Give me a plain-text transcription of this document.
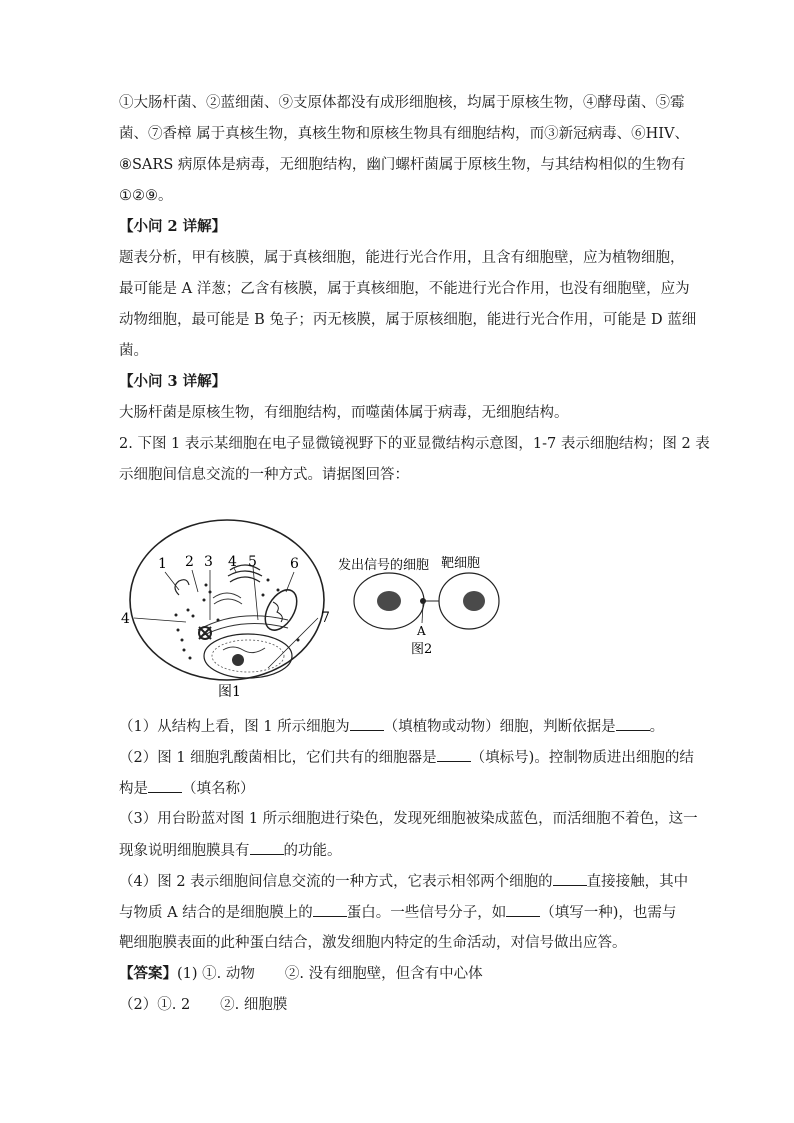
①大肠杆菌、②蓝细菌、⑨支原体都没有成形细胞核，均属于原核生物，④酵母菌、⑤霉
菌、⑦香樟 属于真核生物，真核生物和原核生物具有细胞结构，而③新冠病毒、⑥HIV、
⑧SARS 病原体是病毒，无细胞结构，幽门螺杆菌属于原核生物，与其结构相似的生物有
①②⑨。
【小问 2 详解】
题表分析，甲有核膜，属于真核细胞，能进行光合作用，且含有细胞壁，应为植物细胞，
最可能是 A 洋葱；乙含有核膜，属于真核细胞，不能进行光合作用，也没有细胞壁，应为
动物细胞，最可能是 B 兔子；丙无核膜，属于原核细胞，能进行光合作用，可能是 D 蓝细
菌。
【小问 3 详解】
大肠杆菌是原核生物，有细胞结构，而噬菌体属于病毒，无细胞结构。
2. 下图 1 表示某细胞在电子显微镜视野下的亚显微结构示意图，1-7 表示细胞结构；图 2 表
示细胞间信息交流的一种方式。请据图回答：
1 2 3 4 5 6
4	7
图1
发出信号的细胞 靶细胞
A
图2
（1）从结构上看，图 1 所示细胞为 （填植物或动物）细胞，判断依据是 。
（2）图 1 细胞乳酸菌相比，它们共有的细胞器是 （填标号)。控制物质进出细胞的结
构是 （填名称）
（3）用台盼蓝对图 1 所示细胞进行染色，发现死细胞被染成蓝色，而活细胞不着色，这一
现象说明细胞膜具有 的功能。
（4）图 2 表示细胞间信息交流的一种方式，它表示相邻两个细胞的 直接接触，其中
与物质 A 结合的是细胞膜上的 蛋白。一些信号分子，如 （填写一种)，也需与
靶细胞膜表面的此种蛋白结合，激发细胞内特定的生命活动，对信号做出应答。
【答案】(1) ①. 动物 ②. 没有细胞壁，但含有中心体
（2）①. 2 ②. 细胞膜
